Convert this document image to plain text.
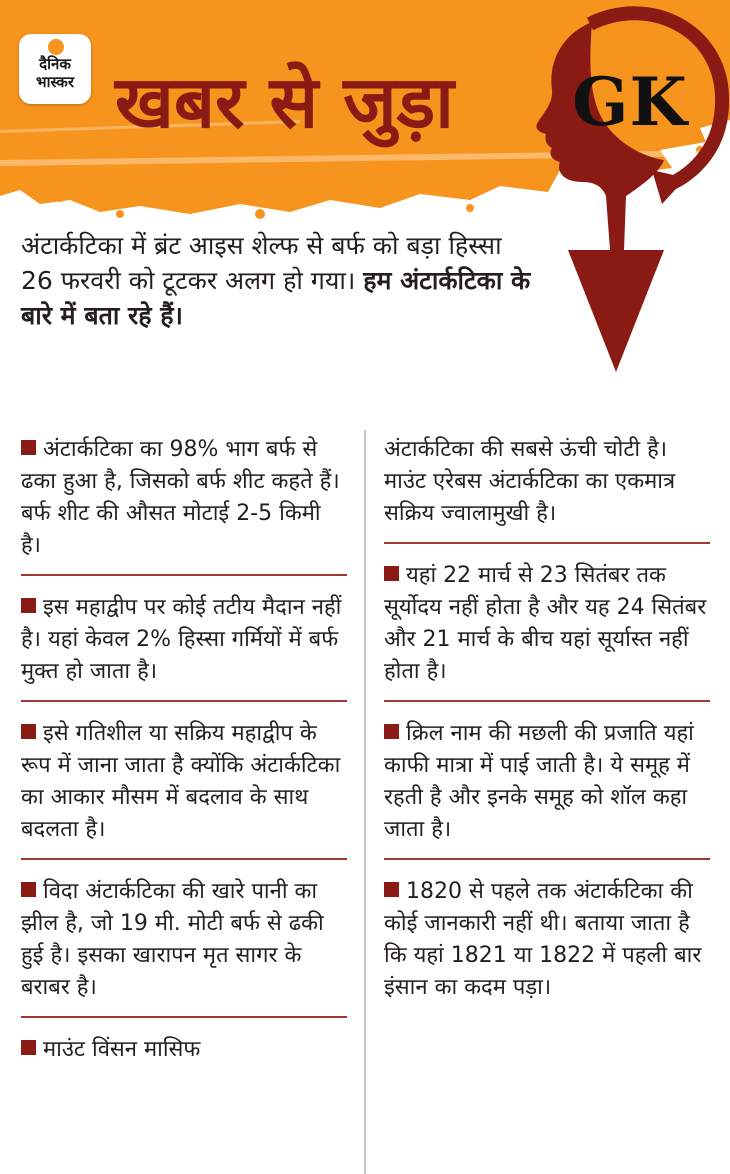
दैनिक
भास्कर खबर से जुड़ा GK
अंटार्कटिका में ब्रंट आइस शेल्फ से बर्फ को बड़ा हिस्सा 26 फरवरी को टूटकर अलग हो गया। हम अंटार्कटिका के बारे में बता रहे हैं।

अंटार्कटिका का 98% भाग बर्फ से ढका हुआ है, जिसको बर्फ शीट कहते हैं। बर्फ शीट की औसत मोटाई 2-5 किमी है।

इस महाद्वीप पर कोई तटीय मैदान नहीं है। यहां केवल 2% हिस्सा गर्मियों में बर्फ मुक्त हो जाता है।

इसे गतिशील या सक्रिय महाद्वीप के रूप में जाना जाता है क्योंकि अंटार्कटिका का आकार मौसम में बदलाव के साथ बदलता है।

विदा अंटार्कटिका की खारे पानी का झील है, जो 19 मी. मोटी बर्फ से ढकी हुई है। इसका खारापन मृत सागर के बराबर है।

माउंट विंसन मासिफ

अंटार्कटिका की सबसे ऊंची चोटी है। माउंट एरेबस अंटार्कटिका का एकमात्र सक्रिय ज्वालामुखी है।

यहां 22 मार्च से 23 सितंबर तक सूर्योदय नहीं होता है और यह 24 सितंबर और 21 मार्च के बीच यहां सूर्यास्त नहीं होता है।

क्रिल नाम की मछली की प्रजाति यहां काफी मात्रा में पाई जाती है। ये समूह में रहती है और इनके समूह को शॉल कहा जाता है।

1820 से पहले तक अंटार्कटिका की कोई जानकारी नहीं थी। बताया जाता है कि यहां 1821 या 1822 में पहली बार इंसान का कदम पड़ा।
